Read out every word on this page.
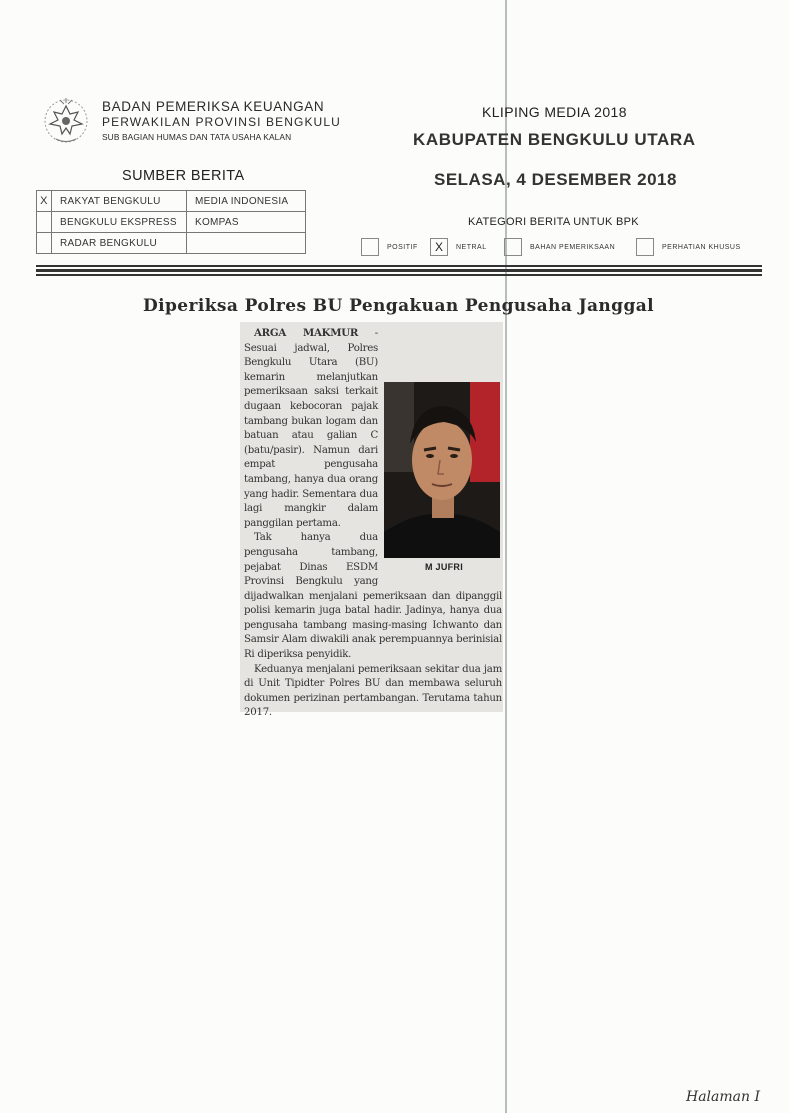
BADAN PEMERIKSA KEUANGAN
PERWAKILAN PROVINSI BENGKULU
SUB BAGIAN HUMAS DAN TATA USAHA KALAN
KLIPING MEDIA 2018
KABUPATEN BENGKULU UTARA
SELASA, 4 DESEMBER 2018
SUMBER BERITA
X	RAKYAT BENGKULU	MEDIA INDONESIA
	BENGKULU EKSPRESS	KOMPAS
	RADAR BENGKULU	
KATEGORI BERITA UNTUK BPK
POSITIF	X	NETRAL	BAHAN PEMERIKSAAN	PERHATIAN KHUSUS
Diperiksa Polres BU Pengakuan Pengusaha Janggal
M JUFRI

ARGA MAKMUR - Sesuai jadwal, Polres Bengkulu Utara (BU) kemarin melanjutkan pemeriksaan saksi terkait dugaan kebocoran pajak tambang bukan logam dan batuan atau galian C (batu/pasir). Namun dari empat pengusaha tambang, hanya dua orang yang hadir. Sementara dua lagi mangkir dalam panggilan pertama.

Tak hanya dua pengusaha tambang, pejabat Dinas ESDM Provinsi Bengkulu yang dijadwalkan menjalani pemeriksaan dan dipanggil polisi kemarin juga batal hadir. Jadinya, hanya dua pengusaha tambang masing-masing Ichwanto dan Samsir Alam diwakili anak perempuannya berinisial Ri diperiksa penyidik.

Keduanya menjalani pemeriksaan sekitar dua jam di Unit Tipidter Polres BU dan membawa seluruh dokumen perizinan pertambangan. Terutama tahun 2017.

Halaman I
